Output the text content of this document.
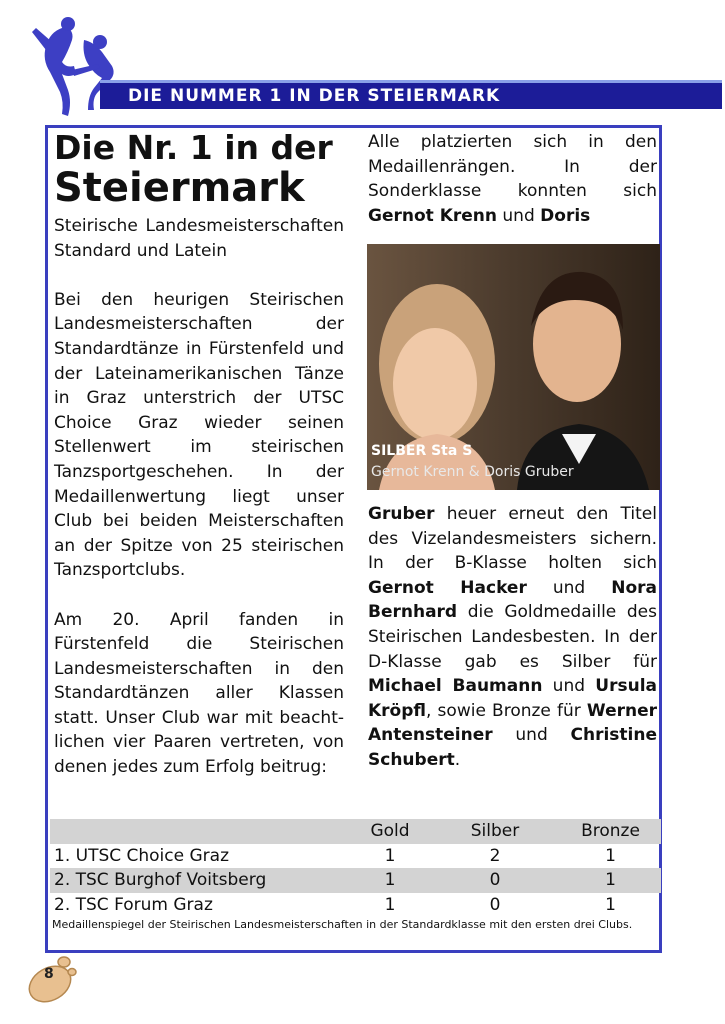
DIE NUMMER 1 IN DER STEIERMARK
Die Nr. 1 in der
Steiermark

Steirische Landesmeisterschaften Standard und Latein

Bei den heurigen Steirischen Landesmeisterschaften der Standardtänze in Fürstenfeld und der Lateinamerikanischen Tänze in Graz unterstrich der UTSC Choice Graz wieder seinen Stellenwert im steirischen Tanzsportgeschehen. In der Medaillenwertung liegt unser Club bei beiden Meisterschaften an der Spitze von 25 steirischen Tanzsportclubs.

Am 20. April fanden in Fürstenfeld die Steirischen Landesmeisterschaften in den Standardtänzen aller Klassen statt. Unser Club war mit beacht-lichen vier Paaren vertreten, von denen jedes zum Erfolg beitrug:

Alle platzierten sich in den Medaillenrängen. In der Sonderklasse konnten sich Gernot Krenn und Doris

SILBER Sta S
Gernot Krenn & Doris Gruber

Gruber heuer erneut den Titel des Vizelandesmeisters sichern. In der B-Klasse holten sich Gernot Hacker und Nora Bernhard die Goldmedaille des Steirischen Landesbesten. In der D-Klasse gab es Silber für Michael Baumann und Ursula Kröpfl, sowie Bronze für Werner Antensteiner und Christine Schubert.

	Gold	Silber	Bronze
1. UTSC Choice Graz	1	2	1
2. TSC Burghof Voitsberg	1	0	1
2. TSC Forum Graz	1	0	1
Medaillenspiegel der Steirischen Landesmeisterschaften in der Standardklasse mit den ersten drei Clubs.
8
